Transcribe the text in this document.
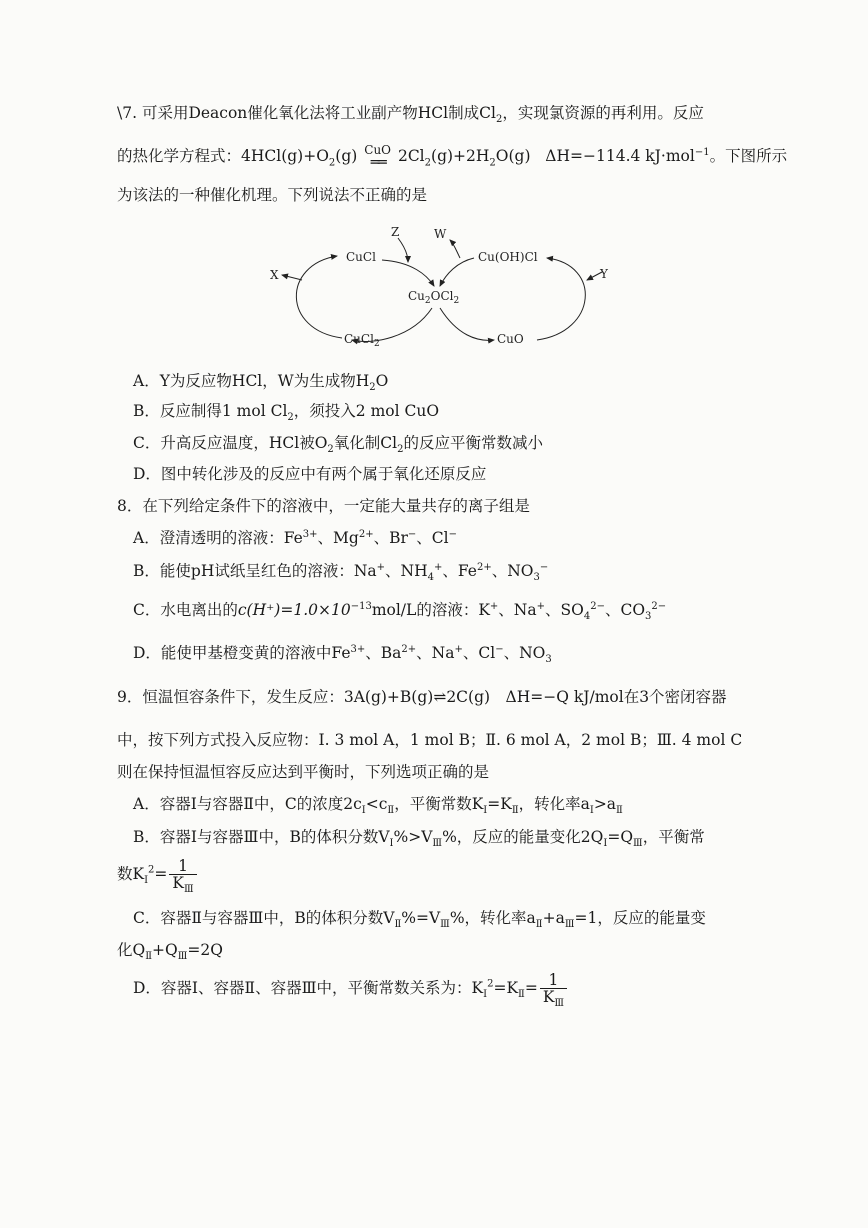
\7. 可采用Deacon催化氧化法将工业副产物HCl制成$Cl_2$，实现氯资源的再利用。反应
的热化学方程式：$4HCl(g)+O_2(g)$ CuO
══ $2Cl_2(g)+2H_2O(g)$ ΔH=−114.4 kJ·mol$^{-1}$。下图所示
为该法的一种催化机理。下列说法不正确的是
CuCl
Z	W
Cu(OH)Cl
X	Y
$Cu_2OCl_2$
CuCl$_2$	CuO
A．Y为反应物HCl，W为生成物$H_2O$
B．反应制得1 mol $Cl_2$，须投入2 mol CuO
C．升高反应温度，HCl被$O_2$氧化制$Cl_2$的反应平衡常数减小
D．图中转化涉及的反应中有两个属于氧化还原反应
8．在下列给定条件下的溶液中，一定能大量共存的离子组是
A．澄清透明的溶液：$Fe^{3+}$、$Mg^{2+}$、Br−、Cl−
B．能使pH试纸呈红色的溶液：Na+、$NH_4^+$、$Fe^{2+}$、$NO_3^-$
C．水电离出的$c(H^+)=1.0\times 10^{-13}mol/L$的溶液：K+、Na+、$SO_4^{2-}$、$CO_3^{2-}$
D．能使甲基橙变黄的溶液中$Fe^{3+}$、$Ba^{2+}$、Na+、Cl−、$NO_3$
9．恒温恒容条件下，发生反应：3A(g)+B(g)⇌2C(g)　ΔH=−Q kJ/mol在3个密闭容器
中，按下列方式投入反应物：Ⅰ. 3 mol A，1 mol B；Ⅱ. 6 mol A，2 mol B；Ⅲ. 4 mol C
则在保持恒温恒容反应达到平衡时，下列选项正确的是
A．容器Ⅰ与容器Ⅱ中，C的浓度$2c_Ⅰ<c_Ⅱ$，平衡常数$K_Ⅰ=K_Ⅱ$，转化率$a_Ⅰ>a_Ⅱ$
B．容器Ⅰ与容器Ⅲ中，B的体积分数$V_Ⅰ\%>V_Ⅲ\%$，反应的能量变化$2Q_Ⅰ=Q_Ⅲ$，平衡常
数$K_Ⅰ^2= \frac{1}{K_Ⅲ}$
C．容器Ⅱ与容器Ⅲ中，B的体积分数$V_Ⅱ\%=V_Ⅲ\%$，转化率$a_Ⅱ+a_Ⅲ=1$，反应的能量变
化$Q_Ⅱ+Q_Ⅲ=2Q$
D．容器Ⅰ、容器Ⅱ、容器Ⅲ中，平衡常数关系为：$K_Ⅰ^2=K_Ⅱ= \frac{1}{K_Ⅲ}$
